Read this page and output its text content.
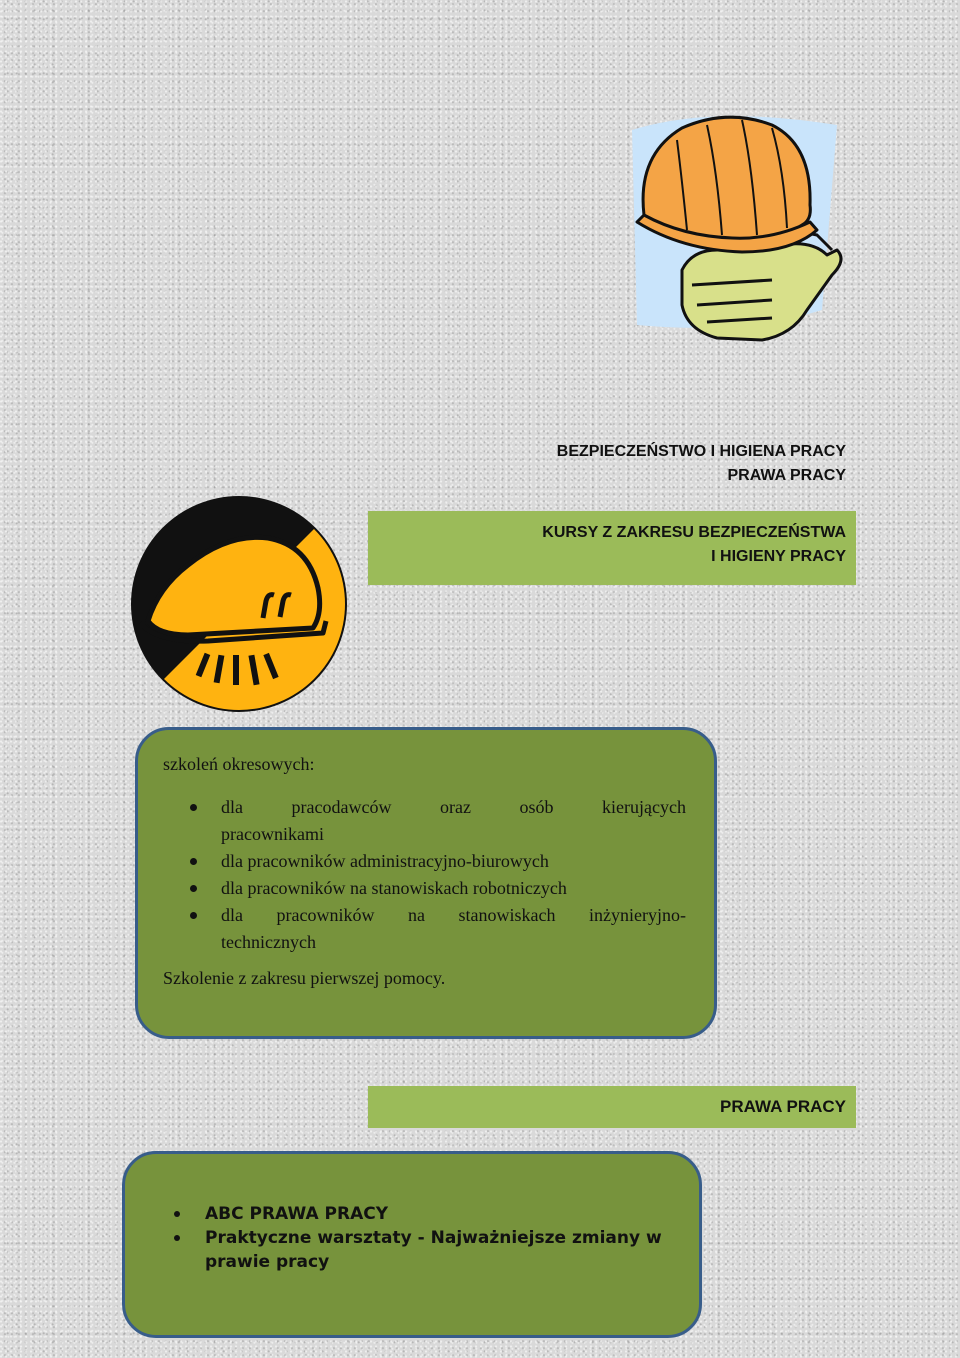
BEZPIECZEŃSTWO I HIGIENA PRACY
PRAWA PRACY
KURSY Z ZAKRESU BEZPIECZEŃSTWA
I HIGIENY PRACY
szkoleń okresowych:
dla pracodawców oraz osób kierujących
pracownikami
dla pracowników administracyjno-biurowych
dla pracowników na stanowiskach robotniczych
dla pracowników na stanowiskach inżynieryjno-
technicznych
Szkolenie z zakresu pierwszej pomocy.
PRAWA PRACY
ABC PRAWA PRACY
Praktyczne warsztaty - Najważniejsze zmiany w prawie pracy
